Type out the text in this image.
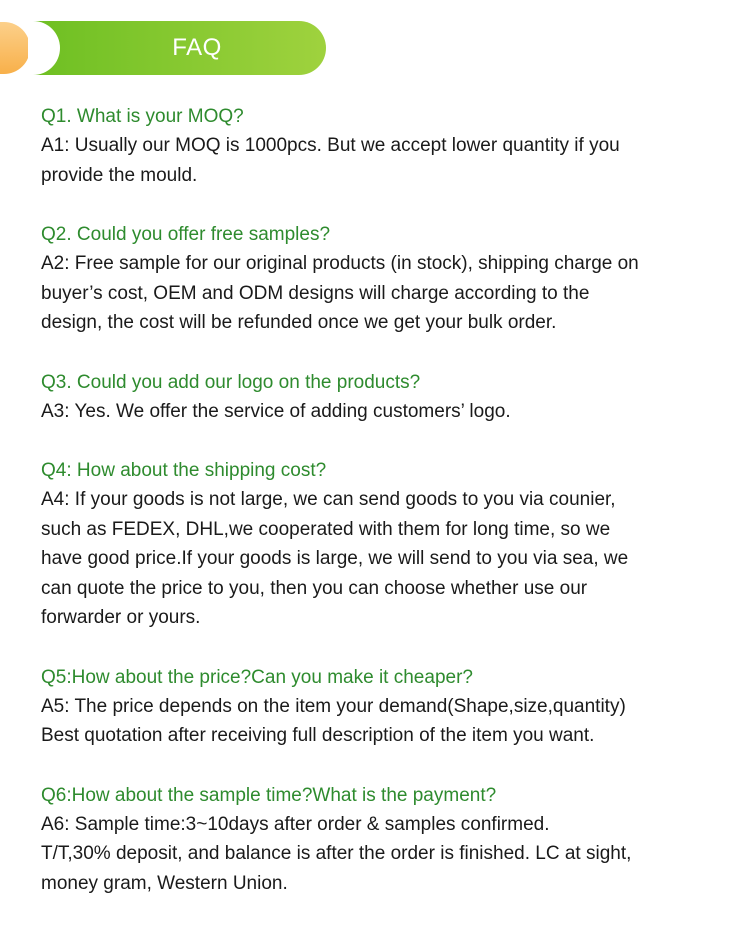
FAQ
Q1. What is your MOQ?
A1: Usually our MOQ is 1000pcs. But we accept lower quantity if you
provide the mould.
Q2. Could you offer free samples?
A2: Free sample for our original products (in stock), shipping charge on
buyer’s cost, OEM and ODM designs will charge according to the
design, the cost will be refunded once we get your bulk order.
Q3. Could you add our logo on the products?
A3: Yes. We offer the service of adding customers’ logo.
Q4: How about the shipping cost?
A4: If your goods is not large, we can send goods to you via counier,
such as FEDEX, DHL,we cooperated with them for long time, so we
have good price.If your goods is large, we will send to you via sea, we
can quote the price to you, then you can choose whether use our
forwarder or yours.
Q5:How about the price?Can you make it cheaper?
A5: The price depends on the item your demand(Shape,size,quantity)
Best quotation after receiving full description of the item you want.
Q6:How about the sample time?What is the payment?
A6: Sample time:3~10days after order & samples confirmed.
T/T,30% deposit, and balance is after the order is finished. LC at sight,
money gram, Western Union.
